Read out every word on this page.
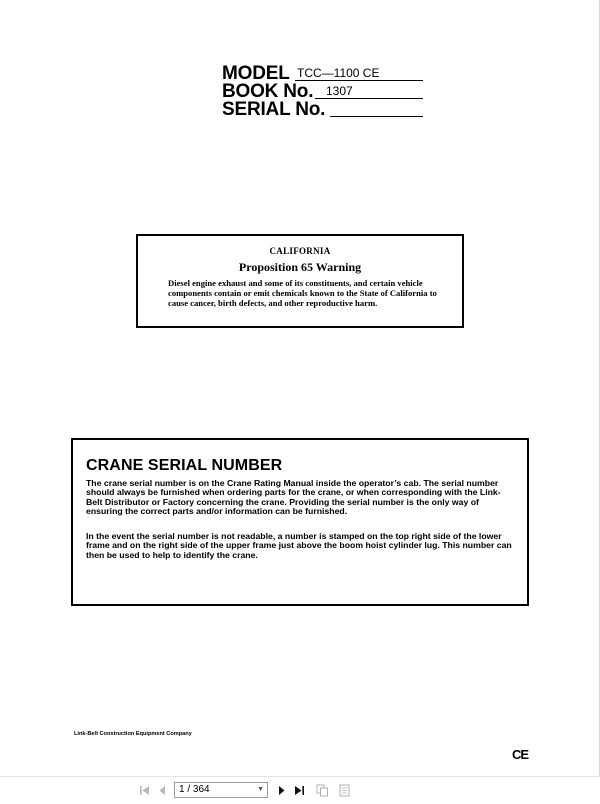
MODEL TCC—1100 CE
BOOK No. 1307
SERIAL No.
CALIFORNIA
Proposition 65 Warning
Diesel engine exhaust and some of its constituents, and certain vehicle components contain or emit chemicals known to the State of California to cause cancer, birth defects, and other reproductive harm.
CRANE SERIAL NUMBER
The crane serial number is on the Crane Rating Manual inside the operator’s cab. The serial number should always be furnished when ordering parts for the crane, or when corresponding with the Link-Belt Distributor or Factory concerning the crane. Providing the serial number is the only way of ensuring the correct parts and/or information can be furnished.
In the event the serial number is not readable, a number is stamped on the top right side of the lower frame and on the right side of the upper frame just above the boom hoist cylinder lug. This number can then be used to help to identify the crane.
Link-Belt Construction Equipment Company
CE
1 / 364	▼
